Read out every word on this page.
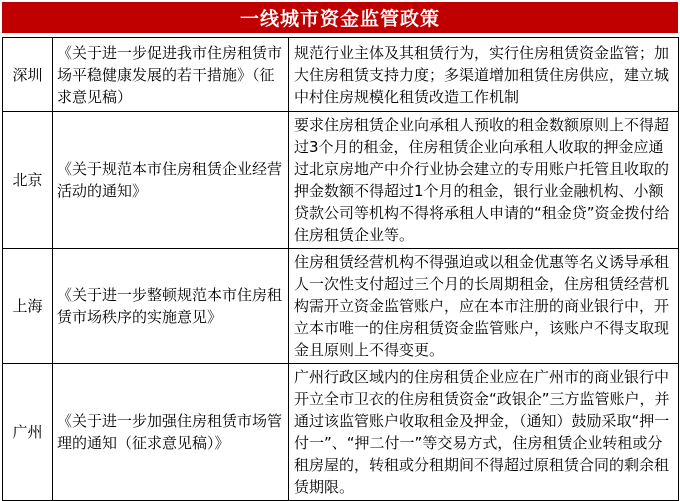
一线城市资金监管政策
深圳	《关于进一步促进我市住房租赁市场平稳健康发展的若干措施》（征求意见稿）	规范行业主体及其租赁行为，实行住房租赁资金监管；加大住房租赁支持力度；多渠道增加租赁住房供应，建立城中村住房规模化租赁改造工作机制
北京	《关于规范本市住房租赁企业经营活动的通知》	要求住房租赁企业向承租人预收的租金数额原则上不得超过3个月的租金，住房租赁企业向承租人收取的押金应通过北京房地产中介行业协会建立的专用账户托管且收取的押金数额不得超过1个月的租金，银行业金融机构、小额贷款公司等机构不得将承租人申请的“租金贷”资金拨付给住房租赁企业等。
上海	《关于进一步整顿规范本市住房租赁市场秩序的实施意见》	住房租赁经营机构不得强迫或以租金优惠等名义诱导承租人一次性支付超过三个月的长周期租金，住房租赁经营机构需开立资金监管账户，应在本市注册的商业银行中，开立本市唯一的住房租赁资金监管账户，该账户不得支取现金且原则上不得变更。
广州	《关于进一步加强住房租赁市场管理的通知（征求意见稿）》	广州行政区域内的住房租赁企业应在广州市的商业银行中开立全市卫衣的住房租赁资金“政银企”三方监管账户，并通过该监管账户收取租金及押金，（通知）鼓励采取“押一付一”、“押二付一”等交易方式，住房租赁企业转租或分租房屋的，转租或分租期间不得超过原租赁合同的剩余租赁期限。
